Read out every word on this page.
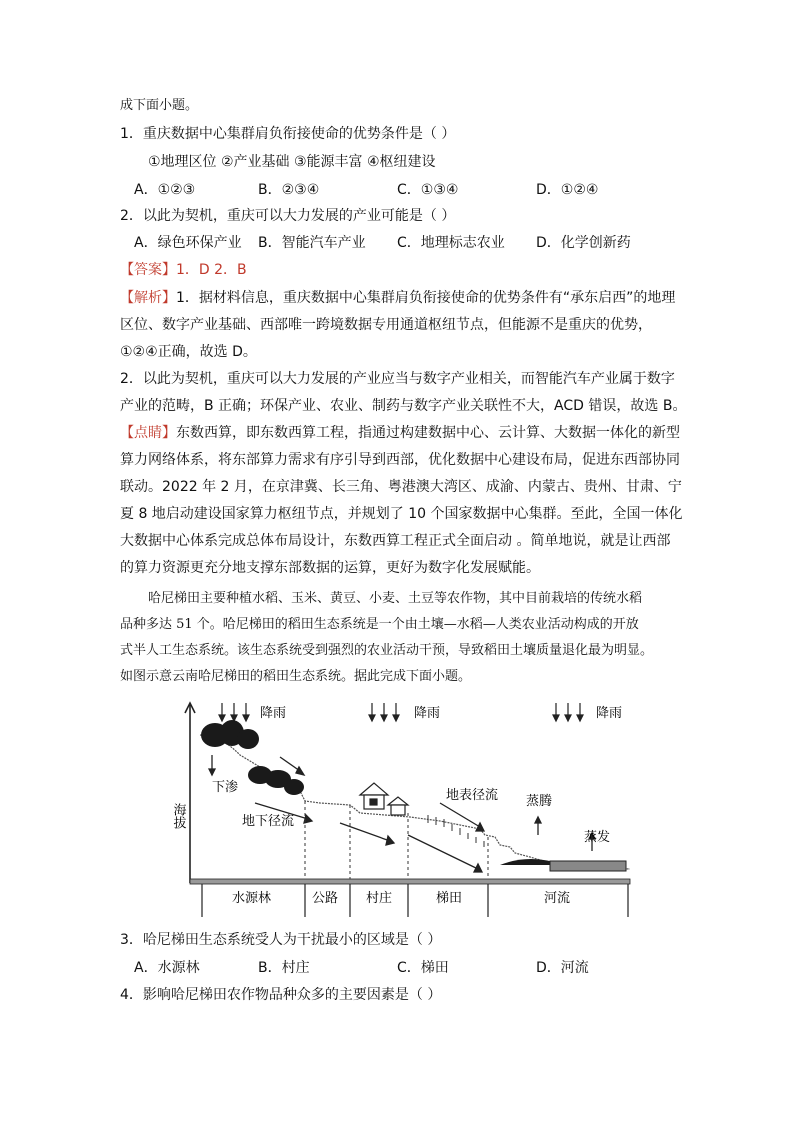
成下面小题。
1．重庆数据中心集群肩负衔接使命的优势条件是（ ）
①地理区位 ②产业基础 ③能源丰富 ④枢纽建设
A．①②③	B．②③④	C．①③④	D．①②④
2．以此为契机，重庆可以大力发展的产业可能是（ ）
A．绿色环保产业 B．智能汽车产业 C．地理标志农业 D．化学创新药
【答案】1．D 2．B
【解析】1．据材料信息，重庆数据中心集群肩负衔接使命的优势条件有“承东启西”的地理
区位、数字产业基础、西部唯一跨境数据专用通道枢纽节点，但能源不是重庆的优势，
①②④正确，故选 D。
2．以此为契机，重庆可以大力发展的产业应当与数字产业相关，而智能汽车产业属于数字
产业的范畴，B 正确；环保产业、农业、制药与数字产业关联性不大，ACD 错误，故选 B。
【点睛】东数西算，即东数西算工程，指通过构建数据中心、云计算、大数据一体化的新型
算力网络体系，将东部算力需求有序引导到西部，优化数据中心建设布局，促进东西部协同
联动。2022 年 2 月，在京津冀、长三角、粤港澳大湾区、成渝、内蒙古、贵州、甘肃、宁
夏 8 地启动建设国家算力枢纽节点，并规划了 10 个国家数据中心集群。至此，全国一体化
大数据中心体系完成总体布局设计，东数西算工程正式全面启动 。简单地说，就是让西部
的算力资源更充分地支撑东部数据的运算，更好为数字化发展赋能。
哈尼梯田主要种植水稻、玉米、黄豆、小麦、土豆等农作物，其中目前栽培的传统水稻
品种多达 51 个。哈尼梯田的稻田生态系统是一个由土壤—水稻—人类农业活动构成的开放
式半人工生态系统。该生态系统受到强烈的农业活动干预，导致稻田土壤质量退化最为明显。
如图示意云南哈尼梯田的稻田生态系统。据此完成下面小题。
海拔
降雨	降雨	降雨
下渗
地下径流
地表径流 蒸腾
蒸发
水源林	公路 村庄	梯田	河流
3．哈尼梯田生态系统受人为干扰最小的区域是（ ）
A．水源林	B．村庄	C．梯田	D．河流
4．影响哈尼梯田农作物品种众多的主要因素是（ ）
